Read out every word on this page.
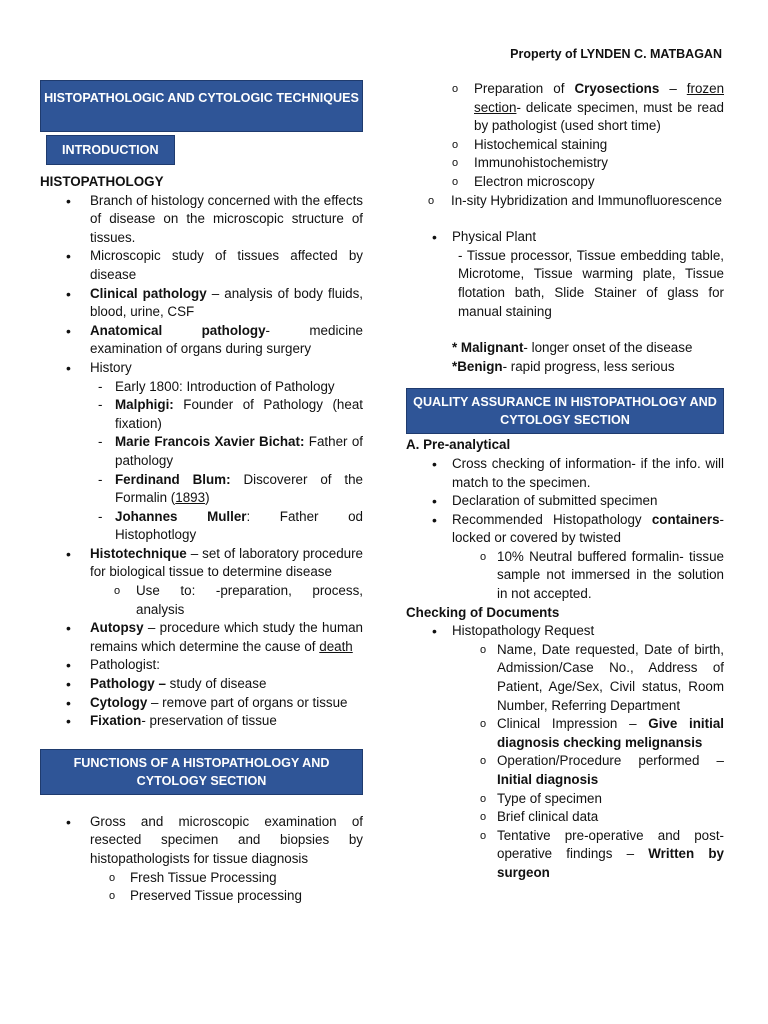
Property of LYNDEN C. MATBAGAN
HISTOPATHOLOGIC AND CYTOLOGIC TECHNIQUES
INTRODUCTION
HISTOPATHOLOGY
• Branch of histology concerned with the effects of disease on the microscopic structure of tissues.
• Microscopic study of tissues affected by disease
• Clinical pathology – analysis of body fluids, blood, urine, CSF
• Anatomical pathology- medicine examination of organs during surgery
• History
- Early 1800: Introduction of Pathology
- Malphigi: Founder of Pathology (heat fixation)
- Marie Francois Xavier Bichat: Father of pathology
- Ferdinand Blum: Discoverer of the Formalin (1893)
- Johannes Muller: Father od Histophotlogy
• Histotechnique – set of laboratory procedure for biological tissue to determine disease
o Use to: -preparation, process, analysis
• Autopsy – procedure which study the human remains which determine the cause of death
• Pathologist:
• Pathology – study of disease
• Cytology – remove part of organs or tissue
• Fixation- preservation of tissue
FUNCTIONS OF A HISTOPATHOLOGY AND CYTOLOGY SECTION
• Gross and microscopic examination of resected specimen and biopsies by histopathologists for tissue diagnosis
o Fresh Tissue Processing
o Preserved Tissue processing
o Preparation of Cryosections – frozen section- delicate specimen, must be read by pathologist (used short time)
o Histochemical staining
o Immunohistochemistry
o Electron microscopy
o In-sity Hybridization and Immunofluorescence
• Physical Plant
- Tissue processor, Tissue embedding table, Microtome, Tissue warming plate, Tissue flotation bath, Slide Stainer of glass for manual staining
* Malignant- longer onset of the disease
*Benign- rapid progress, less serious
QUALITY ASSURANCE IN HISTOPATHOLOGY AND CYTOLOGY SECTION
A. Pre-analytical
• Cross checking of information- if the info. will match to the specimen.
• Declaration of submitted specimen
• Recommended Histopathology containers- locked or covered by twisted
o 10% Neutral buffered formalin- tissue sample not immersed in the solution in not accepted.
Checking of Documents
• Histopathology Request
o Name, Date requested, Date of birth, Admission/Case No., Address of Patient, Age/Sex, Civil status, Room Number, Referring Department
o Clinical Impression – Give initial diagnosis checking melignansis
o Operation/Procedure performed – Initial diagnosis
o Type of specimen
o Brief clinical data
o Tentative pre-operative and post-operative findings – Written by surgeon
